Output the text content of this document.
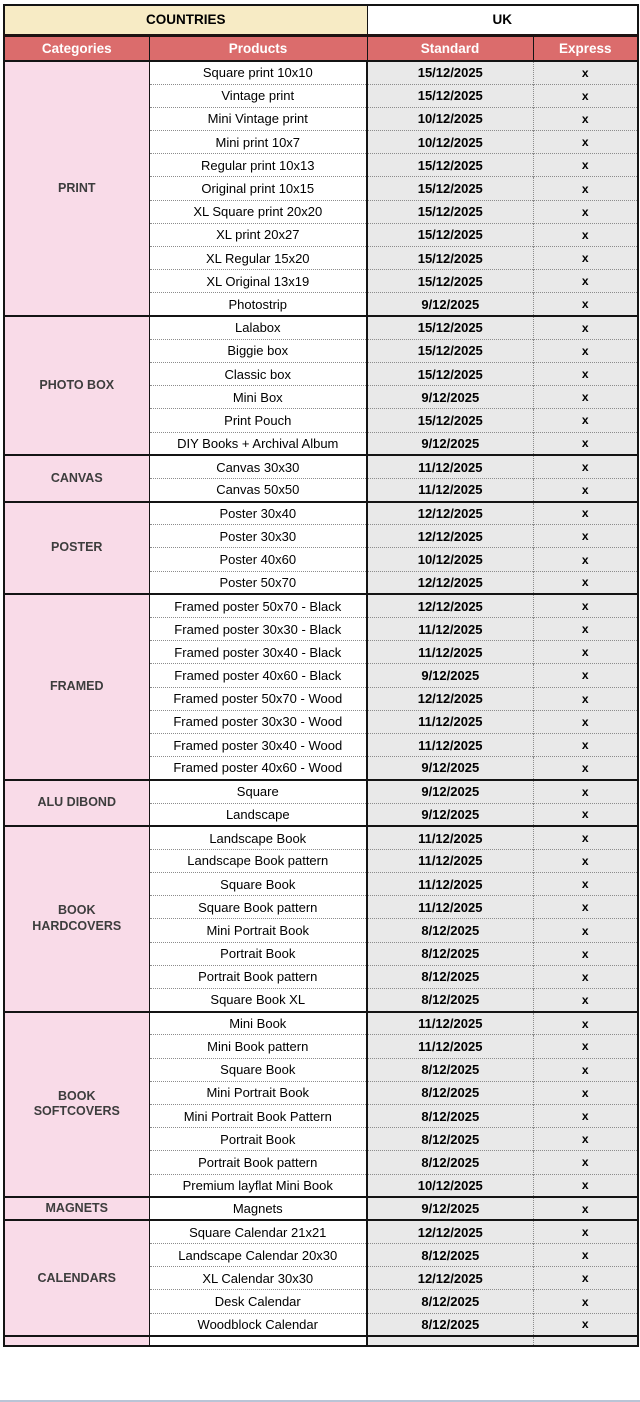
COUNTRIES		UK	
Categories	Products	Standard	Express
PRINT	Square print 10x10	15/12/2025	x
	Vintage print	15/12/2025	x
	Mini Vintage print	10/12/2025	x
	Mini print 10x7	10/12/2025	x
	Regular print 10x13	15/12/2025	x
	Original print 10x15	15/12/2025	x
	XL Square print 20x20	15/12/2025	x
	XL print 20x27	15/12/2025	x
	XL Regular 15x20	15/12/2025	x
	XL Original 13x19	15/12/2025	x
	Photostrip	9/12/2025	x
PHOTO BOX	Lalabox	15/12/2025	x
	Biggie box	15/12/2025	x
	Classic box	15/12/2025	x
	Mini Box	9/12/2025	x
	Print Pouch	15/12/2025	x
	DIY Books + Archival Album	9/12/2025	x
CANVAS	Canvas 30x30	11/12/2025	x
	Canvas 50x50	11/12/2025	x
POSTER	Poster 30x40	12/12/2025	x
	Poster 30x30	12/12/2025	x
	Poster 40x60	10/12/2025	x
	Poster 50x70	12/12/2025	x
FRAMED	Framed poster 50x70 - Black	12/12/2025	x
	Framed poster 30x30 - Black	11/12/2025	x
	Framed poster 30x40 - Black	11/12/2025	x
	Framed poster 40x60 - Black	9/12/2025	x
	Framed poster 50x70 - Wood	12/12/2025	x
	Framed poster 30x30 - Wood	11/12/2025	x
	Framed poster 30x40 - Wood	11/12/2025	x
	Framed poster 40x60 - Wood	9/12/2025	x
ALU DIBOND	Square	9/12/2025	x
	Landscape	9/12/2025	x
BOOK HARDCOVERS	Landscape Book	11/12/2025	x
	Landscape Book pattern	11/12/2025	x
	Square Book	11/12/2025	x
	Square Book pattern	11/12/2025	x
	Mini Portrait Book	8/12/2025	x
	Portrait Book	8/12/2025	x
	Portrait Book pattern	8/12/2025	x
	Square Book XL	8/12/2025	x
BOOK SOFTCOVERS	Mini Book	11/12/2025	x
	Mini Book pattern	11/12/2025	x
	Square Book	8/12/2025	x
	Mini Portrait Book	8/12/2025	x
	Mini Portrait Book Pattern	8/12/2025	x
	Portrait Book	8/12/2025	x
	Portrait Book pattern	8/12/2025	x
	Premium layflat Mini Book	10/12/2025	x
MAGNETS	Magnets	9/12/2025	x
CALENDARS	Square Calendar 21x21	12/12/2025	x
	Landscape Calendar 20x30	8/12/2025	x
	XL Calendar 30x30	12/12/2025	x
	Desk Calendar	8/12/2025	x
	Woodblock Calendar	8/12/2025	x
